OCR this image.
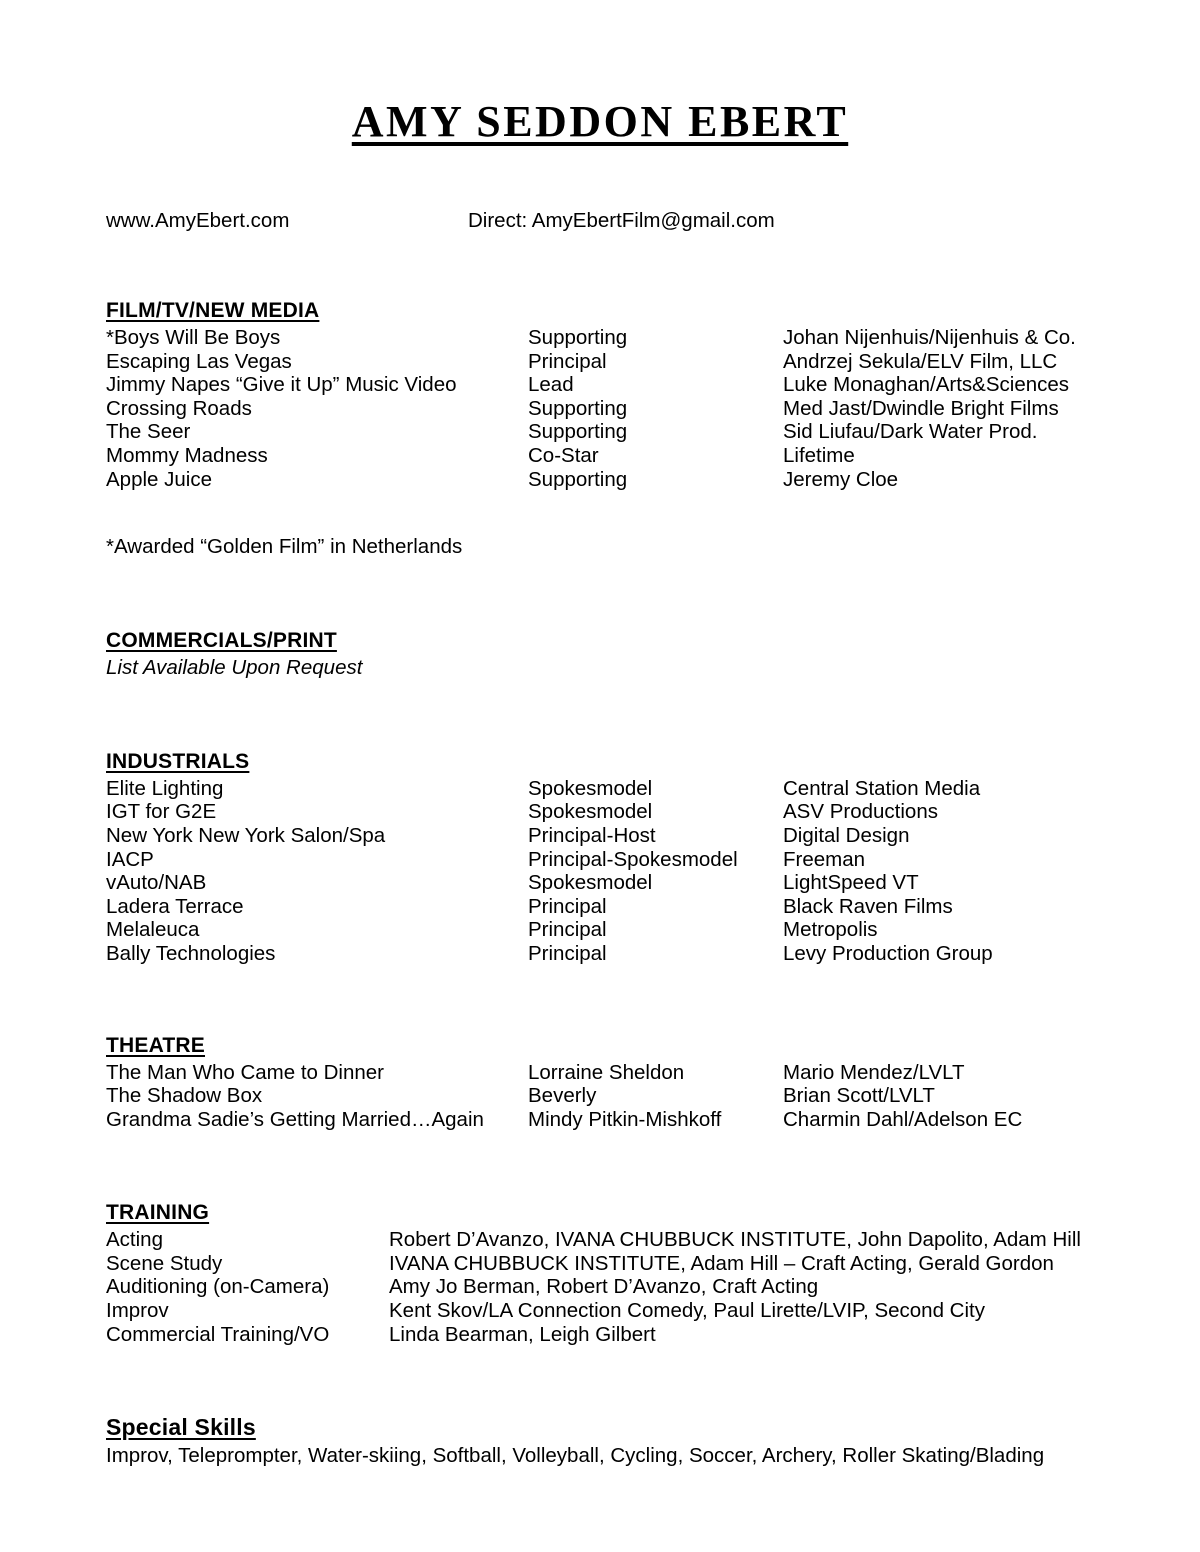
AMY SEDDON EBERT
www.AmyEbert.com	Direct: AmyEbertFilm@gmail.com
FILM/TV/NEW MEDIA
*Boys Will Be Boys	Supporting	Johan Nijenhuis/Nijenhuis & Co.
Escaping Las Vegas	Principal	Andrzej Sekula/ELV Film, LLC
Jimmy Napes “Give it Up” Music Video	Lead	Luke Monaghan/Arts&Sciences
Crossing Roads	Supporting	Med Jast/Dwindle Bright Films
The Seer	Supporting	Sid Liufau/Dark Water Prod.
Mommy Madness	Co-Star	Lifetime
Apple Juice	Supporting	Jeremy Cloe
*Awarded “Golden Film” in Netherlands
COMMERCIALS/PRINT
List Available Upon Request
INDUSTRIALS
Elite Lighting	Spokesmodel	Central Station Media
IGT for G2E	Spokesmodel	ASV Productions
New York New York Salon/Spa	Principal-Host	Digital Design
IACP	Principal-Spokesmodel	Freeman
vAuto/NAB	Spokesmodel	LightSpeed VT
Ladera Terrace	Principal	Black Raven Films
Melaleuca	Principal	Metropolis
Bally Technologies	Principal	Levy Production Group
THEATRE
The Man Who Came to Dinner	Lorraine Sheldon	Mario Mendez/LVLT
The Shadow Box	Beverly	Brian Scott/LVLT
Grandma Sadie’s Getting Married…Again	Mindy Pitkin-Mishkoff	Charmin Dahl/Adelson EC
TRAINING
Acting	Robert D’Avanzo, IVANA CHUBBUCK INSTITUTE, John Dapolito, Adam Hill
Scene Study	IVANA CHUBBUCK INSTITUTE, Adam Hill – Craft Acting, Gerald Gordon
Auditioning (on-Camera)	Amy Jo Berman, Robert D’Avanzo, Craft Acting
Improv	Kent Skov/LA Connection Comedy, Paul Lirette/LVIP, Second City
Commercial Training/VO	Linda Bearman, Leigh Gilbert
Special Skills
Improv, Teleprompter, Water-skiing, Softball, Volleyball, Cycling, Soccer, Archery, Roller Skating/Blading
